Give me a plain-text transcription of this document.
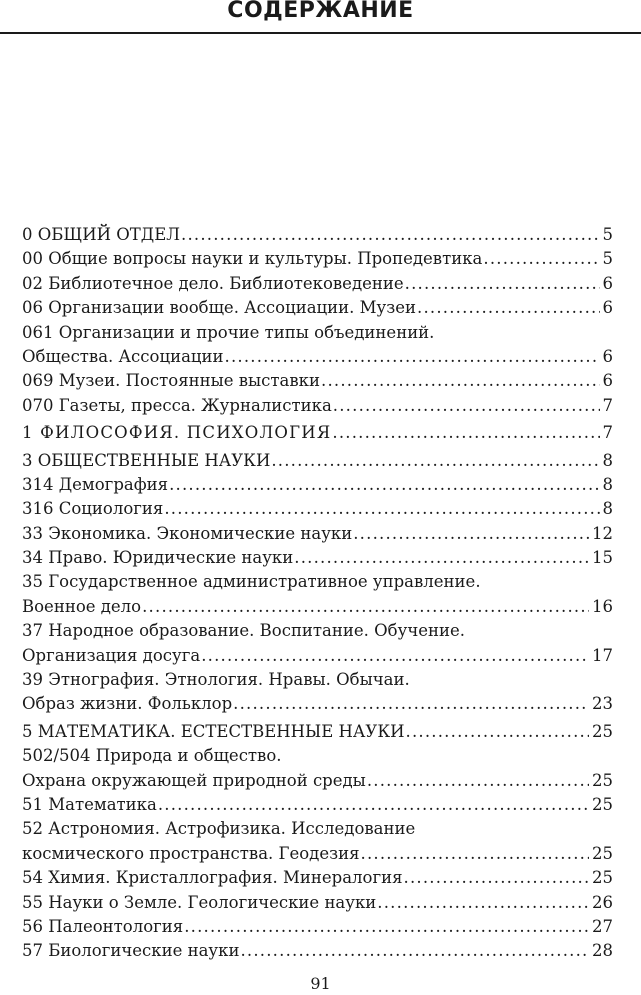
СОДЕРЖАНИЕ
0 ОБЩИЙ ОТДЕЛ .....	5
00 Общие вопросы науки и культуры. Пропедевтика .....	5
02 Библиотечное дело. Библиотековедение .....	6
06 Организации вообще. Ассоциации. Музеи .....	6
061 Организации и прочие типы объединений.
Общества. Ассоциации .....	6
069 Музеи. Постоянные выставки .....	6
070 Газеты, пресса. Журналистика .....	7
1 ФИЛОСОФИЯ. ПСИХОЛОГИЯ .....	7
3 ОБЩЕСТВЕННЫЕ НАУКИ .....	8
314 Демография .....	8
316 Социология .....	8
33 Экономика. Экономические науки .....	12
34 Право. Юридические науки .....	15
35 Государственное административное управление.
Военное дело .....	16
37 Народное образование. Воспитание. Обучение.
Организация досуга .....	17
39 Этнография. Этнология. Нравы. Обычаи.
Образ жизни. Фольклор .....	23
5 МАТЕМАТИКА. ЕСТЕСТВЕННЫЕ НАУКИ .....	25
502/504 Природа и общество.
Охрана окружающей природной среды .....	25
51 Математика .....	25
52 Астрономия. Астрофизика. Исследование
космического пространства. Геодезия .....	25
54 Химия. Кристаллография. Минералогия .....	25
55 Науки о Земле. Геологические науки .....	26
56 Палеонтология .....	27
57 Биологические науки .....	28
91
